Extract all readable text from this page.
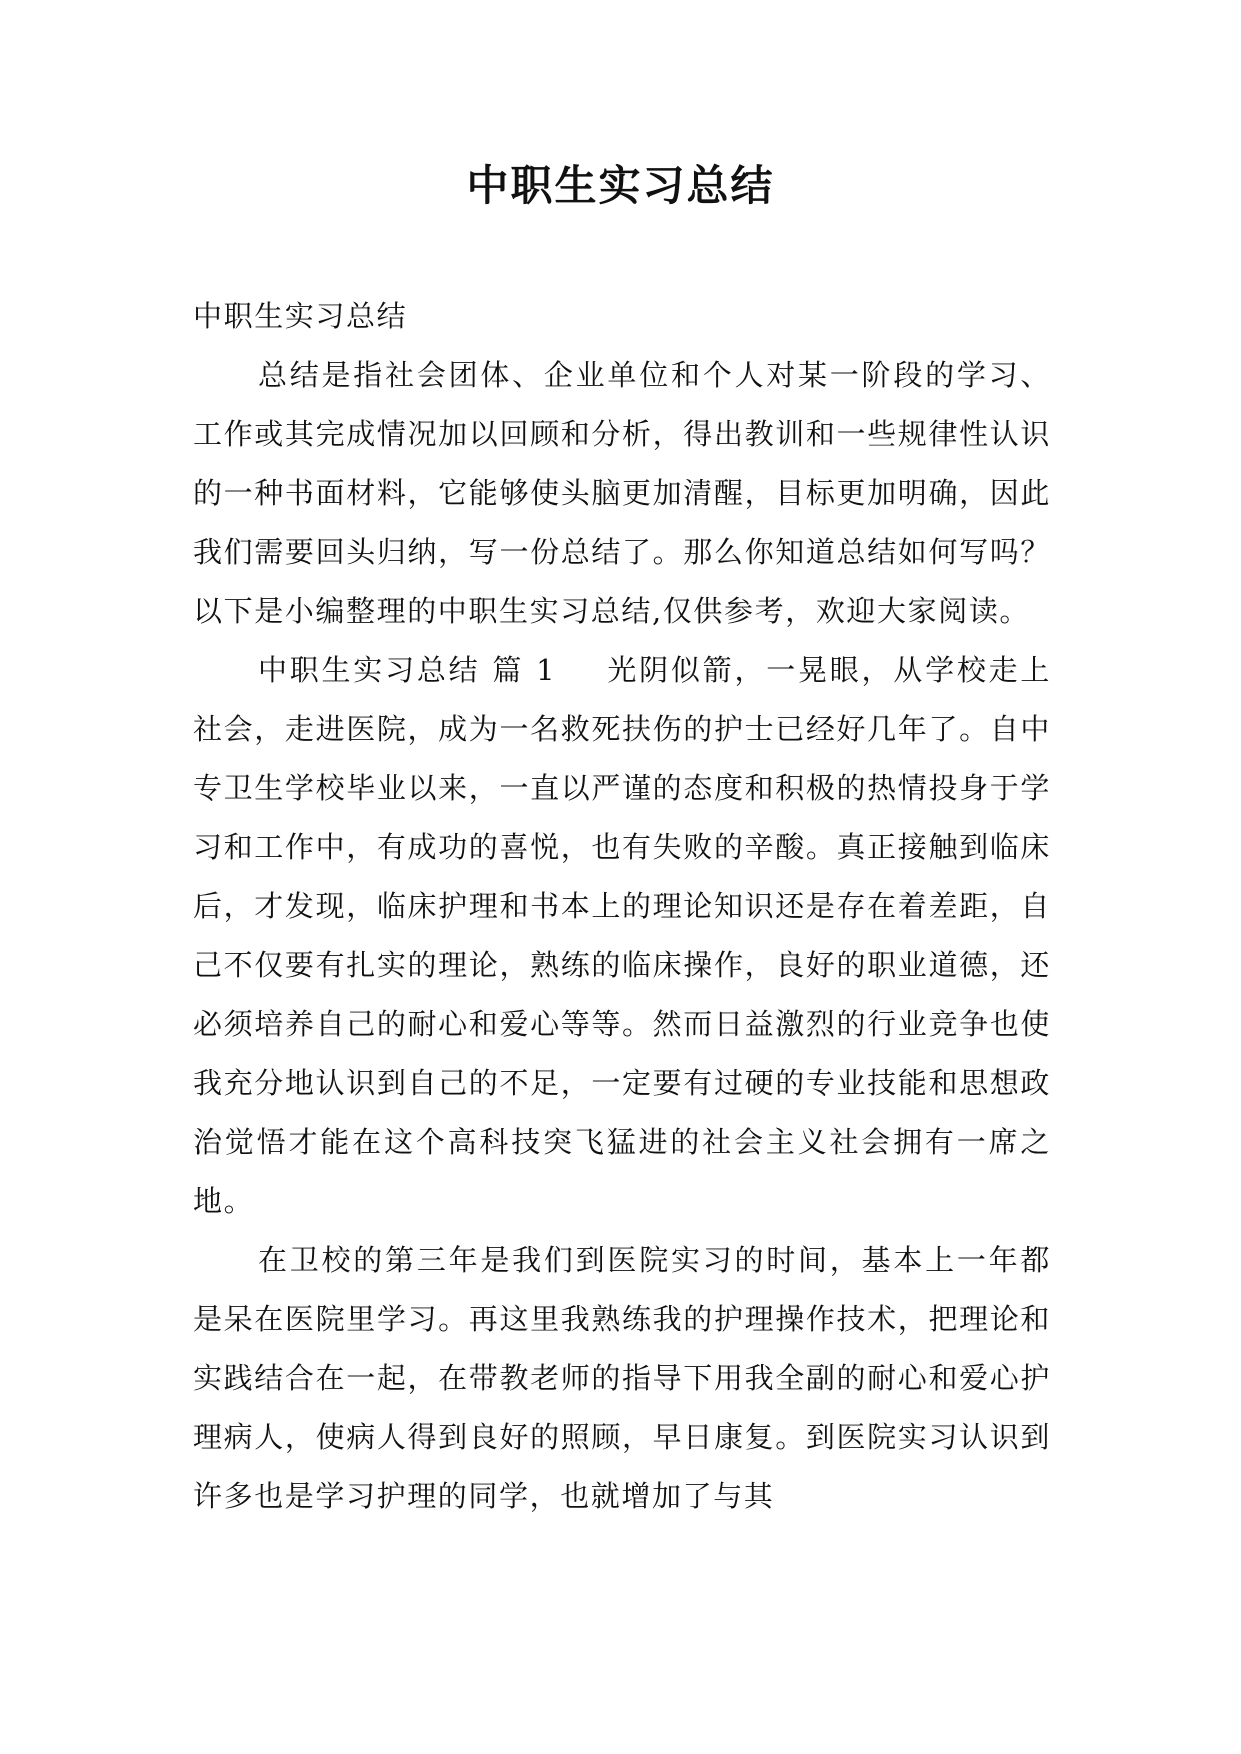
中职生实习总结

中职生实习总结

总结是指社会团体、企业单位和个人对某一阶段的学习、工作或其完成情况加以回顾和分析，得出教训和一些规律性认识的一种书面材料，它能够使头脑更加清醒，目标更加明确，因此我们需要回头归纳，写一份总结了。那么你知道总结如何写吗？以下是小编整理的中职生实习总结,仅供参考，欢迎大家阅读。

中职生实习总结 篇 1 光阴似箭，一晃眼，从学校走上社会，走进医院，成为一名救死扶伤的护士已经好几年了。自中专卫生学校毕业以来，一直以严谨的态度和积极的热情投身于学习和工作中，有成功的喜悦，也有失败的辛酸。真正接触到临床后，才发现，临床护理和书本上的理论知识还是存在着差距，自己不仅要有扎实的理论，熟练的临床操作，良好的职业道德，还必须培养自己的耐心和爱心等等。然而日益激烈的行业竞争也使我充分地认识到自己的不足，一定要有过硬的专业技能和思想政治觉悟才能在这个高科技突飞猛进的社会主义社会拥有一席之地。

在卫校的第三年是我们到医院实习的时间，基本上一年都是呆在医院里学习。再这里我熟练我的护理操作技术，把理论和实践结合在一起，在带教老师的指导下用我全副的耐心和爱心护理病人，使病人得到良好的照顾，早日康复。到医院实习认识到许多也是学习护理的同学，也就增加了与其
